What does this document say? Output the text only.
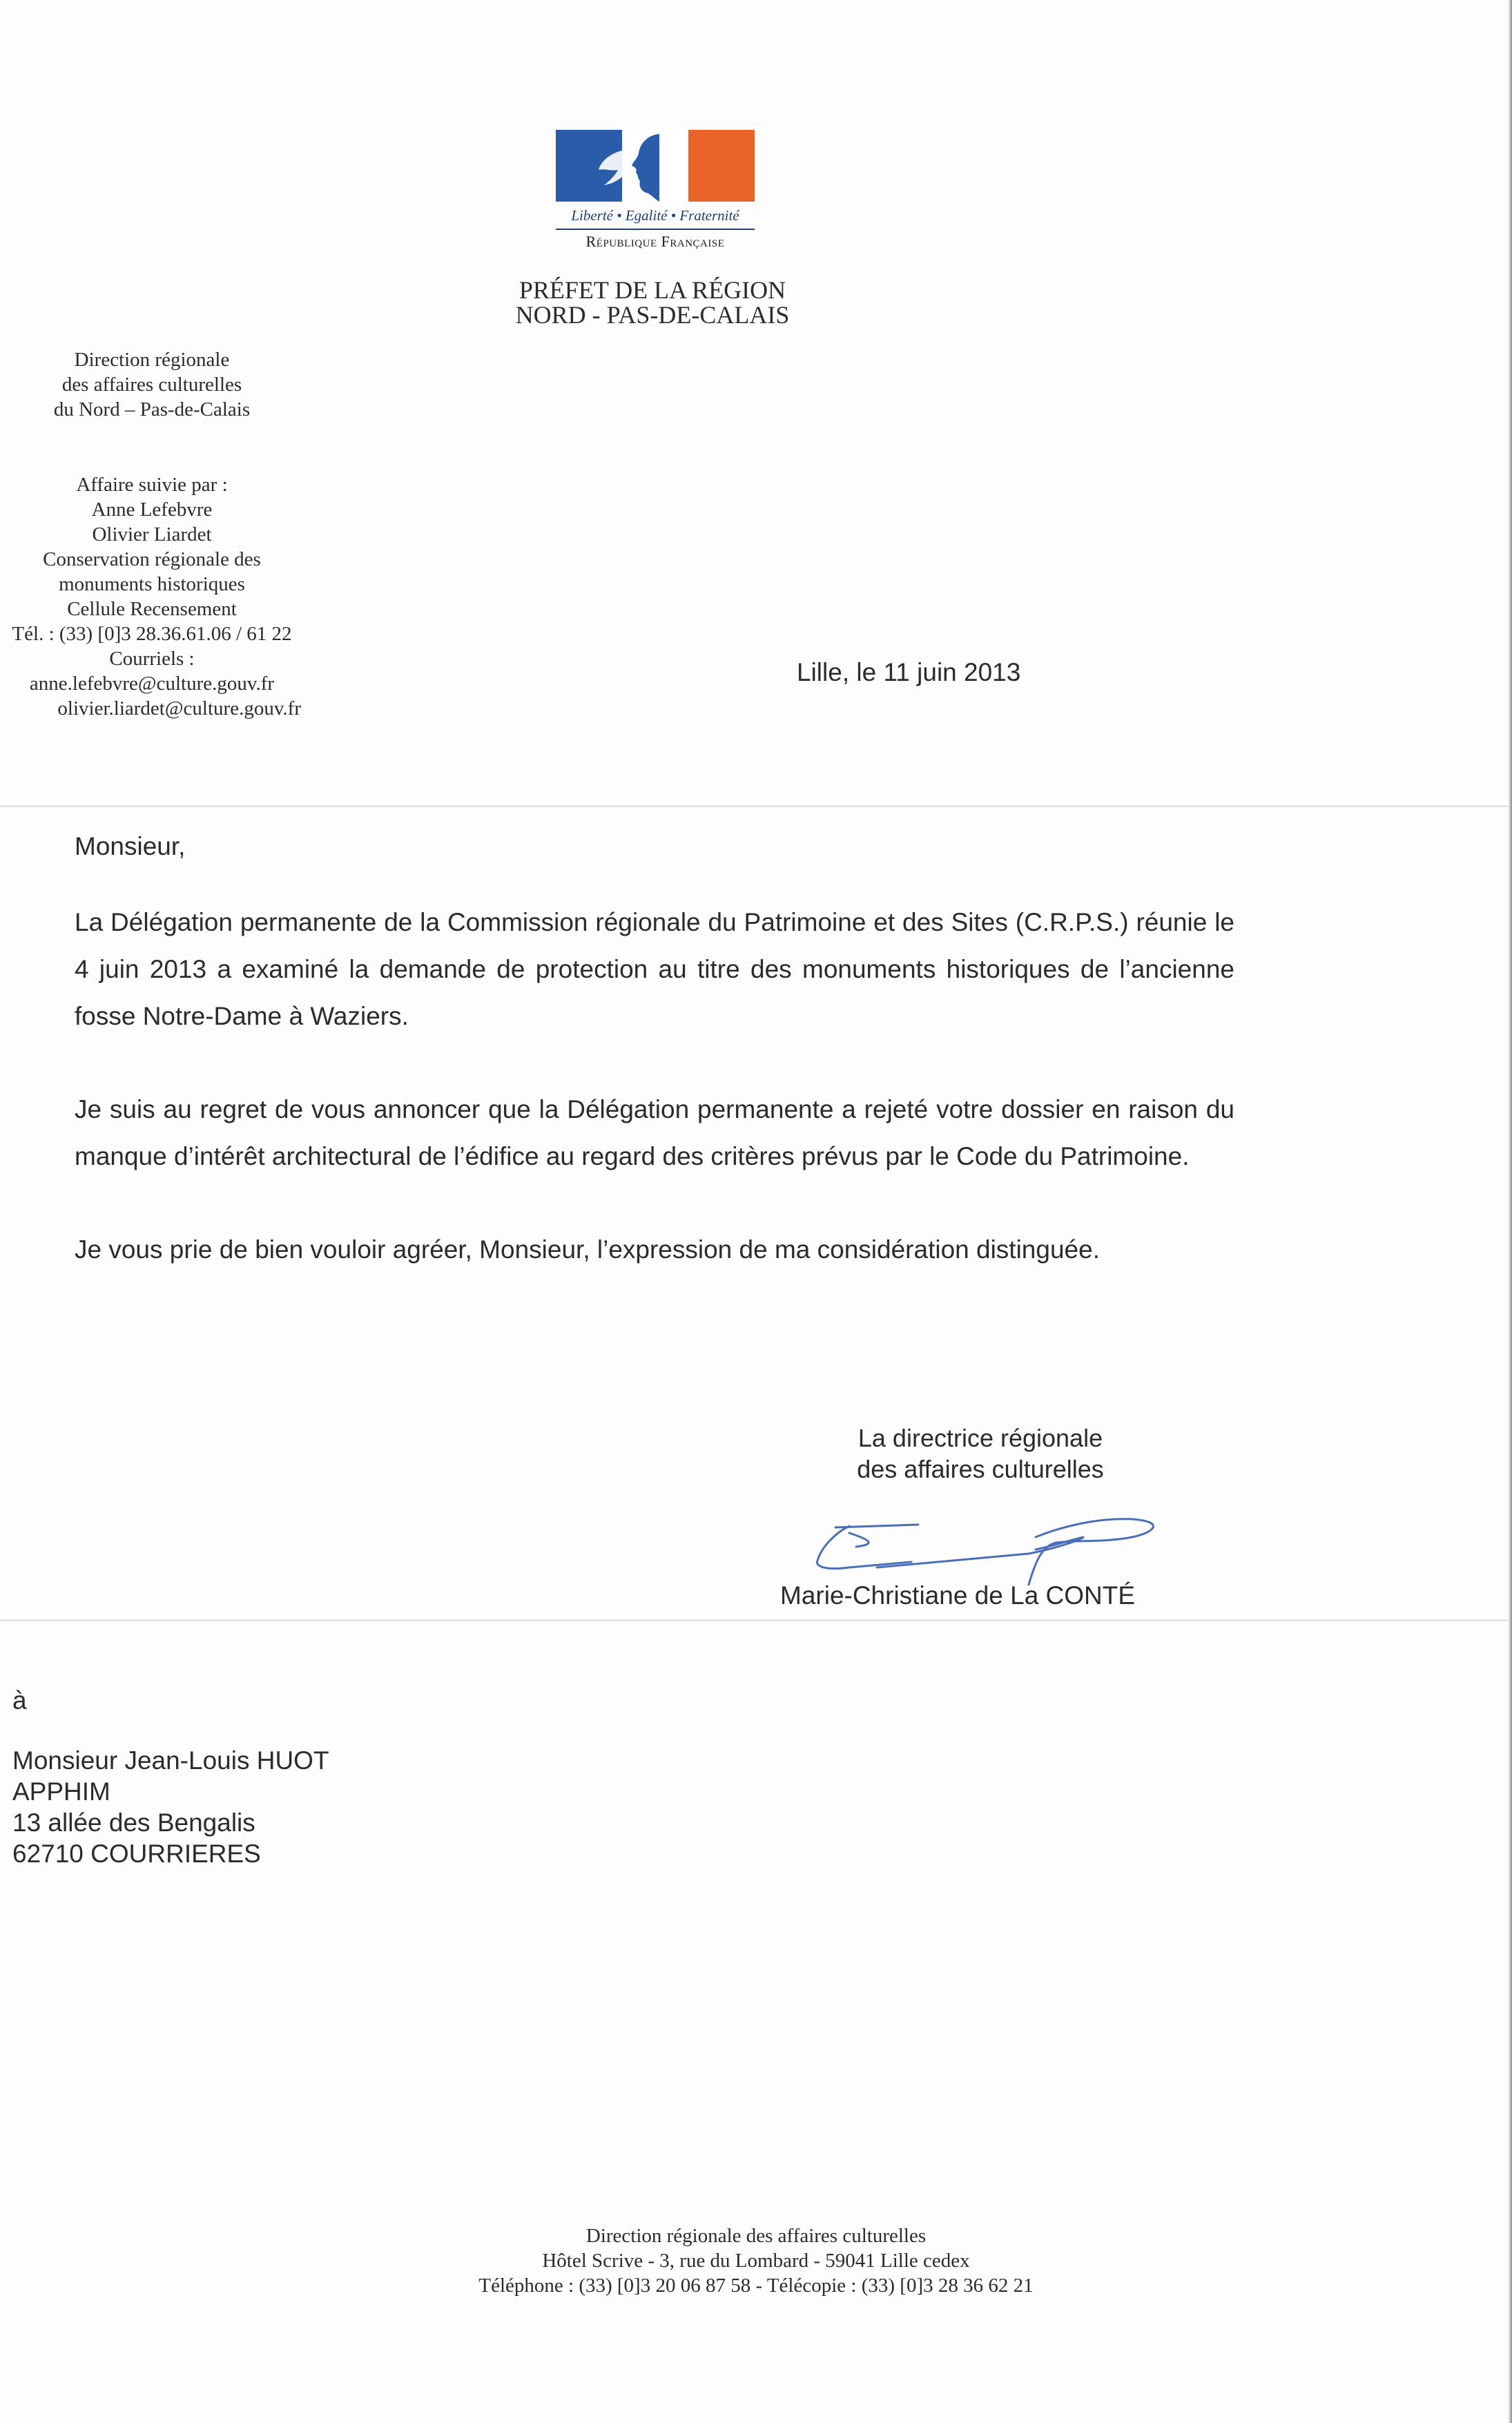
Liberté • Egalité • Fraternité
République Française
PRÉFET DE LA RÉGION
NORD - PAS-DE-CALAIS
Direction régionale
des affaires culturelles
du Nord – Pas-de-Calais
Affaire suivie par :
Anne Lefebvre
Olivier Liardet
Conservation régionale des
monuments historiques
Cellule Recensement
Tél. : (33) [0]3 28.36.61.06 / 61 22
Courriels : anne.lefebvre@culture.gouv.fr
olivier.liardet@culture.gouv.fr
Lille, le 11 juin 2013

Monsieur,

La Délégation permanente de la Commission régionale du Patrimoine et des Sites (C.R.P.S.) réunie le 4 juin 2013 a examiné la demande de protection au titre des monuments historiques de l’ancienne fosse Notre-Dame à Waziers.

Je suis au regret de vous annoncer que la Délégation permanente a rejeté votre dossier en raison du manque d’intérêt architectural de l’édifice au regard des critères prévus par le Code du Patrimoine.

Je vous prie de bien vouloir agréer, Monsieur, l’expression de ma considération distinguée.

La directrice régionale
des affaires culturelles
Marie-Christiane de La CONTÉ
à
Monsieur Jean-Louis HUOT
APPHIM
13 allée des Bengalis
62710 COURRIERES
Direction régionale des affaires culturelles
Hôtel Scrive - 3, rue du Lombard - 59041 Lille cedex
Téléphone : (33) [0]3 20 06 87 58 - Télécopie : (33) [0]3 28 36 62 21
